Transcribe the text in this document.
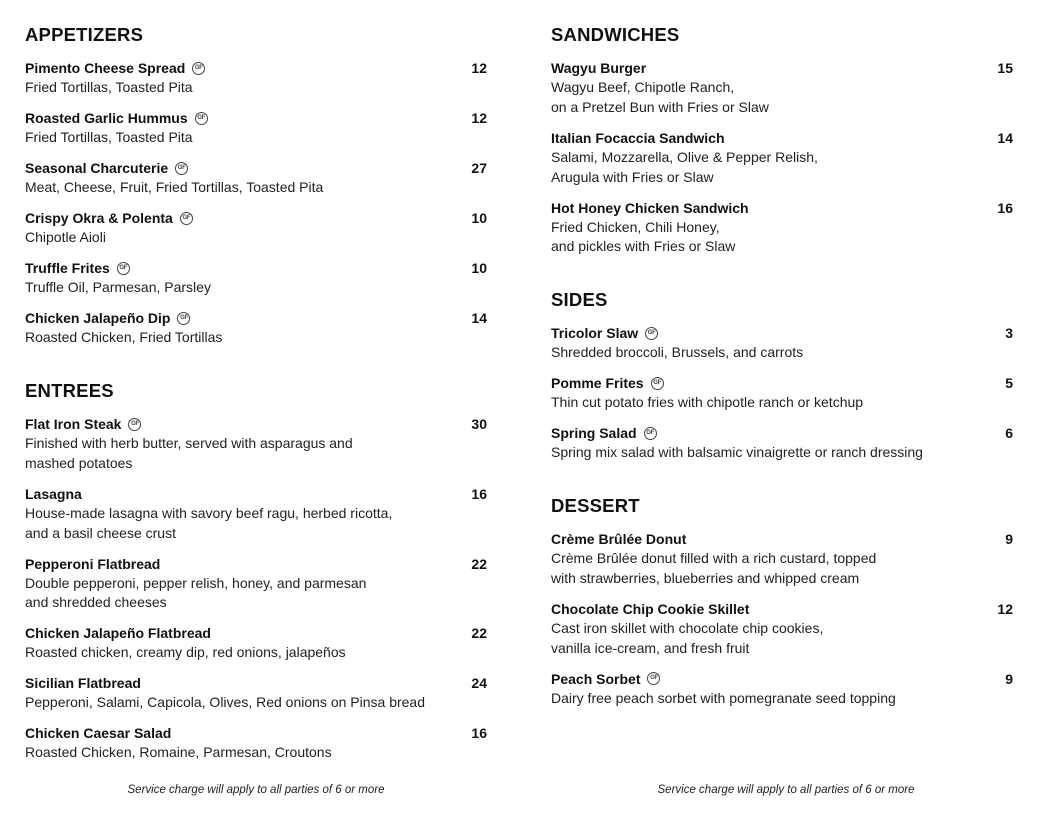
APPETIZERS
ENTREES
Pimento Cheese Spread GF	12

Fried Tortillas, Toasted Pita

Roasted Garlic Hummus GF	12

Fried Tortillas, Toasted Pita

Seasonal Charcuterie GF	27

Meat, Cheese, Fruit, Fried Tortillas, Toasted Pita

Crispy Okra & Polenta GF	10

Chipotle Aioli

Truffle Frites GF	10

Truffle Oil, Parmesan, Parsley

Chicken Jalapeño Dip GF	14

Roasted Chicken, Fried Tortillas

Flat Iron Steak GF	30

Finished with herb butter, served with asparagus and

mashed potatoes

Lasagna	16

House-made lasagna with savory beef ragu, herbed ricotta,

and a basil cheese crust

Pepperoni Flatbread	22

Double pepperoni, pepper relish, honey, and parmesan

and shredded cheeses

Chicken Jalapeño Flatbread	22

Roasted chicken, creamy dip, red onions, jalapeños

Sicilian Flatbread	24

Pepperoni, Salami, Capicola, Olives, Red onions on Pinsa bread

Chicken Caesar Salad	16

Roasted Chicken, Romaine, Parmesan, Croutons

SANDWICHES
SIDES
DESSERT
Wagyu Burger	15

Wagyu Beef, Chipotle Ranch,

on a Pretzel Bun with Fries or Slaw

Italian Focaccia Sandwich	14

Salami, Mozzarella, Olive & Pepper Relish,

Arugula with Fries or Slaw

Hot Honey Chicken Sandwich	16

Fried Chicken, Chili Honey,

and pickles with Fries or Slaw

Tricolor Slaw GF	3

Shredded broccoli, Brussels, and carrots

Pomme Frites GF	5

Thin cut potato fries with chipotle ranch or ketchup

Spring Salad GF	6

Spring mix salad with balsamic vinaigrette or ranch dressing

Crème Brûlée Donut	9

Crème Brûlée donut filled with a rich custard, topped

with strawberries, blueberries and whipped cream

Chocolate Chip Cookie Skillet	12

Cast iron skillet with chocolate chip cookies,

vanilla ice-cream, and fresh fruit

Peach Sorbet GF	9

Dairy free peach sorbet with pomegranate seed topping

Service charge will apply to all parties of 6 or more	Service charge will apply to all parties of 6 or more
